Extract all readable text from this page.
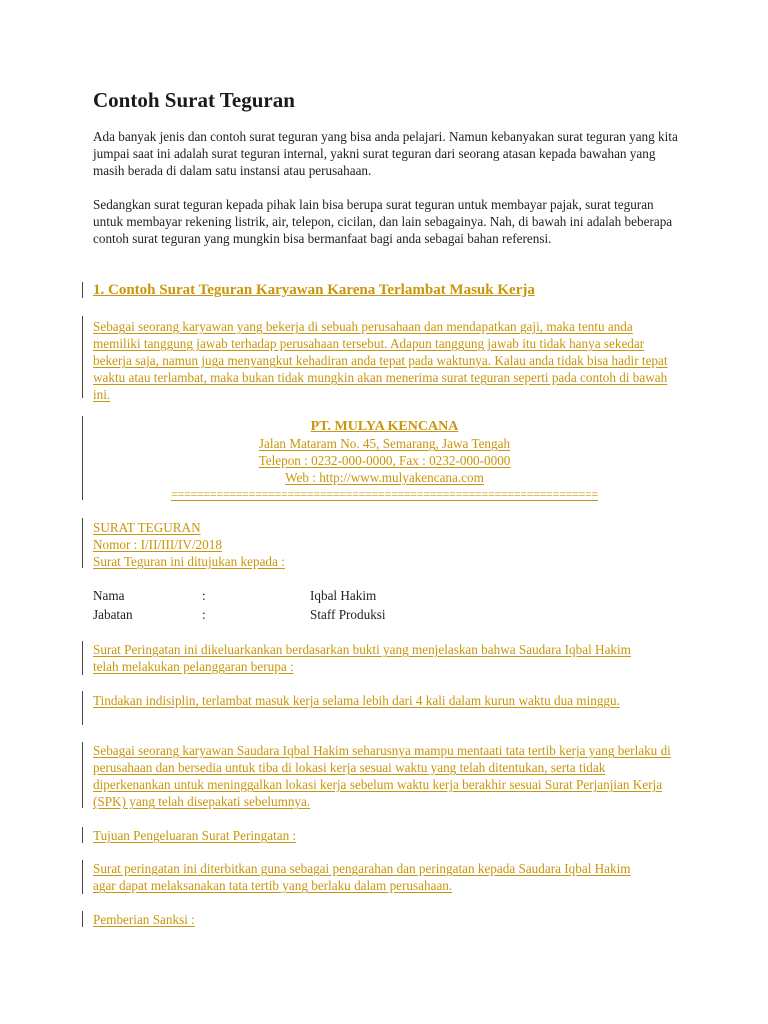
Contoh Surat Teguran

Ada banyak jenis dan contoh surat teguran yang bisa anda pelajari. Namun kebanyakan surat teguran yang kita jumpai saat ini adalah surat teguran internal, yakni surat teguran dari seorang atasan kepada bawahan yang masih berada di dalam satu instansi atau perusahaan.

Sedangkan surat teguran kepada pihak lain bisa berupa surat teguran untuk membayar pajak, surat teguran untuk membayar rekening listrik, air, telepon, cicilan, dan lain sebagainya. Nah, di bawah ini adalah beberapa contoh surat teguran yang mungkin bisa bermanfaat bagi anda sebagai bahan referensi.

1. Contoh Surat Teguran Karyawan Karena Terlambat Masuk Kerja

Sebagai seorang karyawan yang bekerja di sebuah perusahaan dan mendapatkan gaji, maka tentu anda memiliki tanggung jawab terhadap perusahaan tersebut. Adapun tanggung jawab itu tidak hanya sekedar bekerja saja, namun juga menyangkut kehadiran anda tepat pada waktunya. Kalau anda tidak bisa hadir tepat waktu atau terlambat, maka bukan tidak mungkin akan menerima surat teguran seperti pada contoh di bawah ini.

PT. MULYA KENCANA
Jalan Mataram No. 45, Semarang, Jawa Tengah
Telepon : 0232-000-0000, Fax : 0232-000-0000
Web : http://www.mulyakencana.com
==================================================================
SURAT TEGURAN
Nomor : I/II/III/IV/2018
Surat Teguran ini ditujukan kepada :
Nama	:	Iqbal Hakim
Jabatan	:	Staff Produksi

Surat Peringatan ini dikeluarkankan berdasarkan bukti yang menjelaskan bahwa Saudara Iqbal Hakim telah melakukan pelanggaran berupa :

Tindakan indisiplin, terlambat masuk kerja selama lebih dari 4 kali dalam kurun waktu dua minggu.

Sebagai seorang karyawan Saudara Iqbal Hakim seharusnya mampu mentaati tata tertib kerja yang berlaku di perusahaan dan bersedia untuk tiba di lokasi kerja sesuai waktu yang telah ditentukan, serta tidak diperkenankan untuk meninggalkan lokasi kerja sebelum waktu kerja berakhir sesuai Surat Perjanjian Kerja (SPK) yang telah disepakati sebelumnya.

Tujuan Pengeluaran Surat Peringatan :

Surat peringatan ini diterbitkan guna sebagai pengarahan dan peringatan kepada Saudara Iqbal Hakim agar dapat melaksanakan tata tertib yang berlaku dalam perusahaan.

Pemberian Sanksi :
